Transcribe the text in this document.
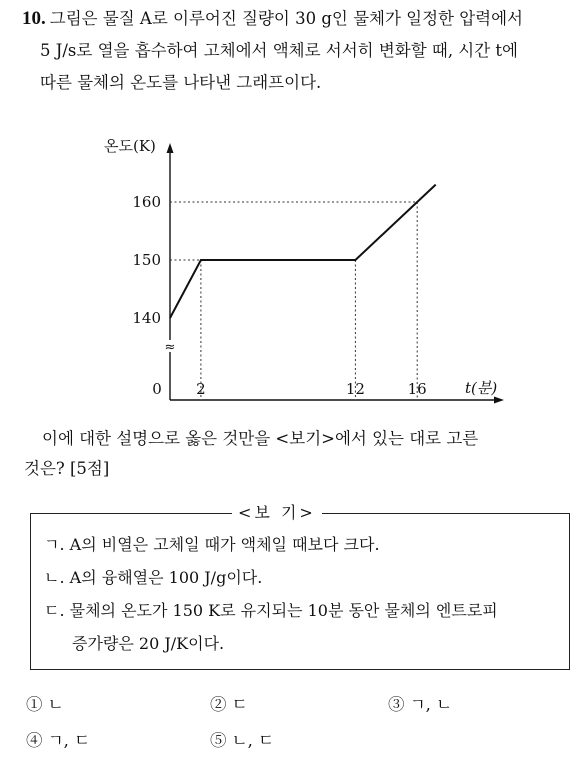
10. 그림은 물질 A로 이루어진 질량이 30 g인 물체가 일정한 압력에서
5 J/s로 열을 흡수하여 고체에서 액체로 서서히 변화할 때, 시간 t에
따른 물체의 온도를 나타낸 그래프이다.
≈
온도(K)
t(분)
140
150
160
0 2	12	16
이에 대한 설명으로 옳은 것만을 <보기>에서 있는 대로 고른
것은? [5점]
<보 기>
ㄱ. A의 비열은 고체일 때가 액체일 때보다 크다.
ㄴ. A의 융해열은 100 J/g이다.
ㄷ. 물체의 온도가 150 K로 유지되는 10분 동안 물체의 엔트로피
증가량은 20 J/K이다.
① ㄴ	② ㄷ	③ ㄱ, ㄴ
④ ㄱ, ㄷ	⑤ ㄴ, ㄷ
